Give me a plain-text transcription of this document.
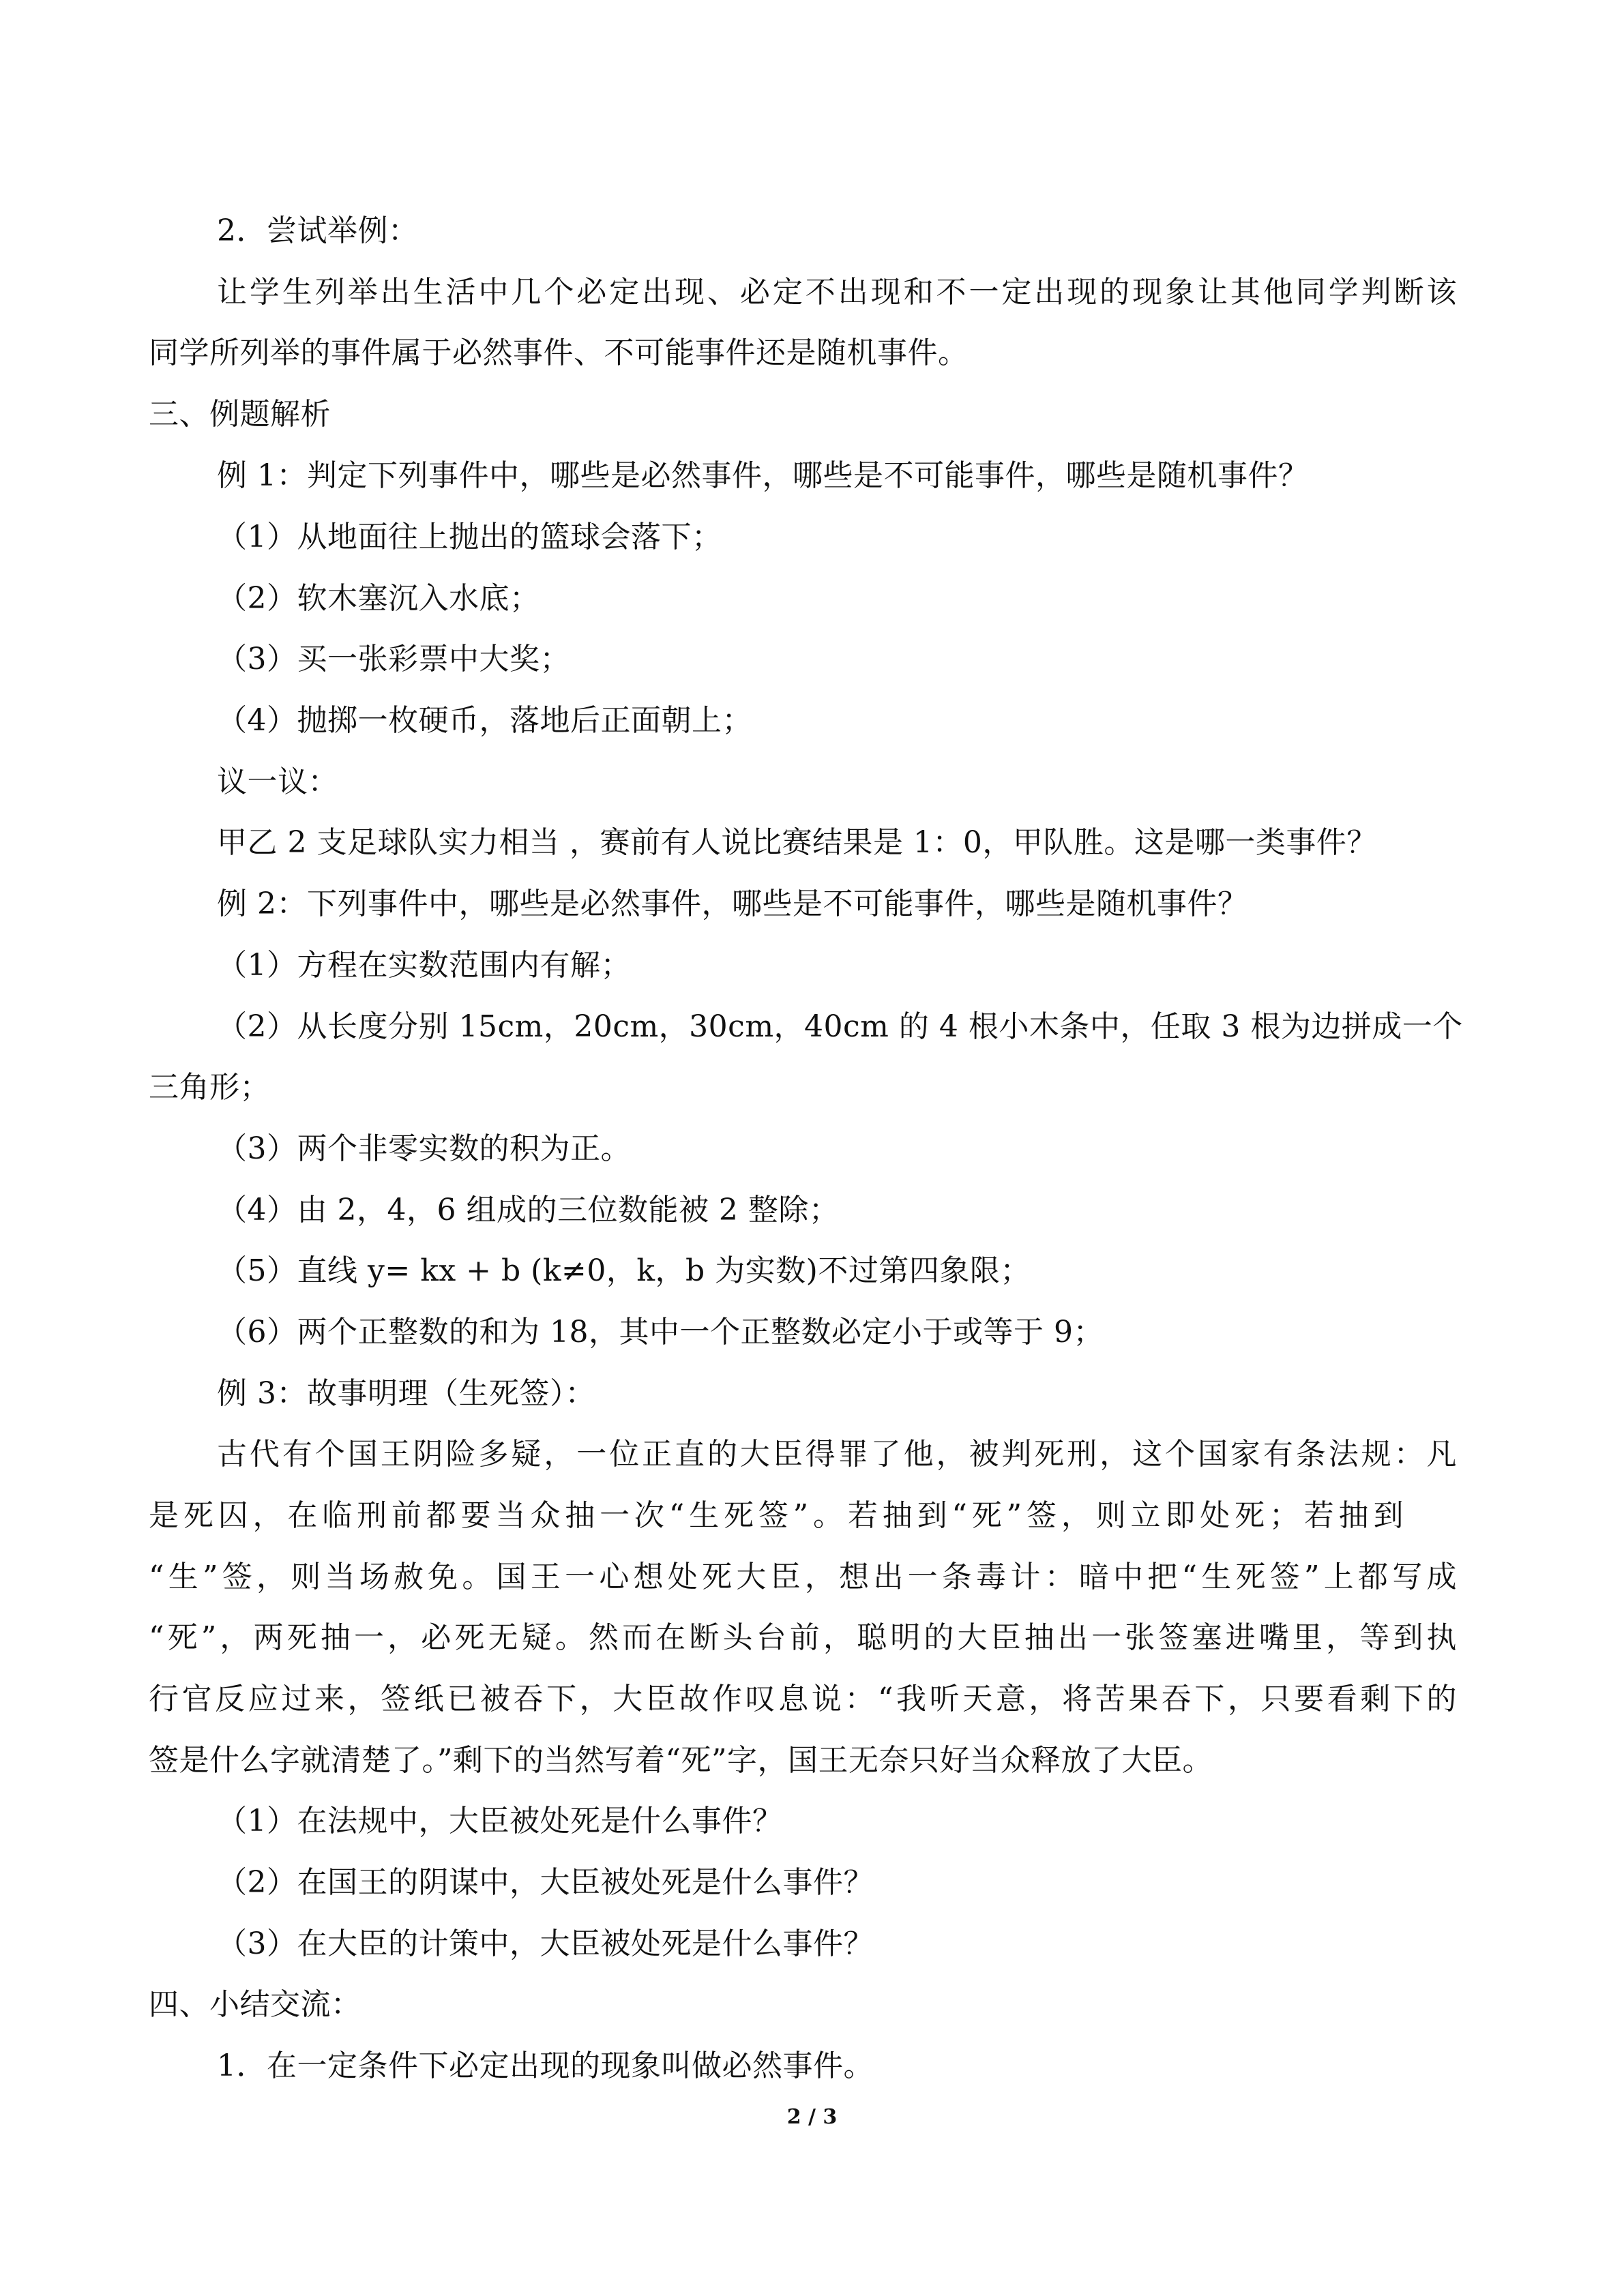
2．尝试举例：
让学生列举出生活中几个必定出现、必定不出现和不一定出现的现象让其他同学判断该
同学所列举的事件属于必然事件、不可能事件还是随机事件。
三、例题解析
例 1：判定下列事件中，哪些是必然事件，哪些是不可能事件，哪些是随机事件？
（1）从地面往上抛出的篮球会落下；
（2）软木塞沉入水底；
（3）买一张彩票中大奖；
（4）抛掷一枚硬币，落地后正面朝上；
议一议：
甲乙 2 支足球队实力相当 ，赛前有人说比赛结果是 1：0，甲队胜。这是哪一类事件？
例 2：下列事件中，哪些是必然事件，哪些是不可能事件，哪些是随机事件？
（1）方程在实数范围内有解；
（2）从长度分别 15cm，20cm，30cm，40cm 的 4 根小木条中，任取 3 根为边拼成一个
三角形；
（3）两个非零实数的积为正。
（4）由 2，4，6 组成的三位数能被 2 整除；
（5）直线 y= kx + b (k≠0，k，b 为实数)不过第四象限；
（6）两个正整数的和为 18，其中一个正整数必定小于或等于 9；
例 3：故事明理（生死签）：
古代有个国王阴险多疑，一位正直的大臣得罪了他，被判死刑，这个国家有条法规：凡
是死囚，在临刑前都要当众抽一次“生死签”。若抽到“死”签，则立即处死；若抽到
“生”签，则当场赦免。国王一心想处死大臣，想出一条毒计：暗中把“生死签”上都写成
“死”，两死抽一，必死无疑。然而在断头台前，聪明的大臣抽出一张签塞进嘴里，等到执
行官反应过来，签纸已被吞下，大臣故作叹息说：“我听天意，将苦果吞下，只要看剩下的
签是什么字就清楚了。”剩下的当然写着“死”字，国王无奈只好当众释放了大臣。
（1）在法规中，大臣被处死是什么事件？
（2）在国王的阴谋中，大臣被处死是什么事件？
（3）在大臣的计策中，大臣被处死是什么事件？
四、小结交流：
1．在一定条件下必定出现的现象叫做必然事件。
2 / 3
